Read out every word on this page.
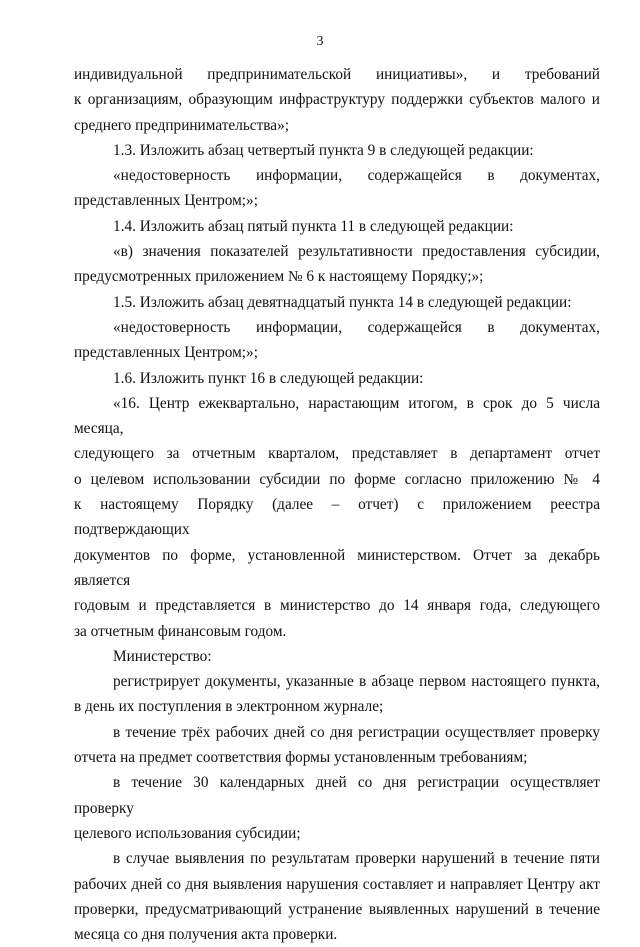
3
индивидуальной предпринимательской инициативы», и требований
к организациям, образующим инфраструктуру поддержки субъектов малого и
среднего предпринимательства»;
1.3. Изложить абзац четвертый пункта 9 в следующей редакции:
«недостоверность информации, содержащейся в документах,
представленных Центром;»;
1.4. Изложить абзац пятый пункта 11 в следующей редакции:
«в) значения показателей результативности предоставления субсидии,
предусмотренных приложением № 6 к настоящему Порядку;»;
1.5. Изложить абзац девятнадцатый пункта 14 в следующей редакции:
«недостоверность информации, содержащейся в документах,
представленных Центром;»;
1.6. Изложить пункт 16 в следующей редакции:
«16. Центр ежеквартально, нарастающим итогом, в срок до 5 числа месяца,
следующего за отчетным кварталом, представляет в департамент отчет
о целевом использовании субсидии по форме согласно приложению № 4
к настоящему Порядку (далее – отчет) с приложением реестра подтверждающих
документов по форме, установленной министерством. Отчет за декабрь является
годовым и представляется в министерство до 14 января года, следующего
за отчетным финансовым годом.
Министерство:
регистрирует документы, указанные в абзаце первом настоящего пункта,
в день их поступления в электронном журнале;
в течение трёх рабочих дней со дня регистрации осуществляет проверку
отчета на предмет соответствия формы установленным требованиям;
в течение 30 календарных дней со дня регистрации осуществляет проверку
целевого использования субсидии;
в случае выявления по результатам проверки нарушений в течение пяти
рабочих дней со дня выявления нарушения составляет и направляет Центру акт
проверки, предусматривающий устранение выявленных нарушений в течение
месяца со дня получения акта проверки.
